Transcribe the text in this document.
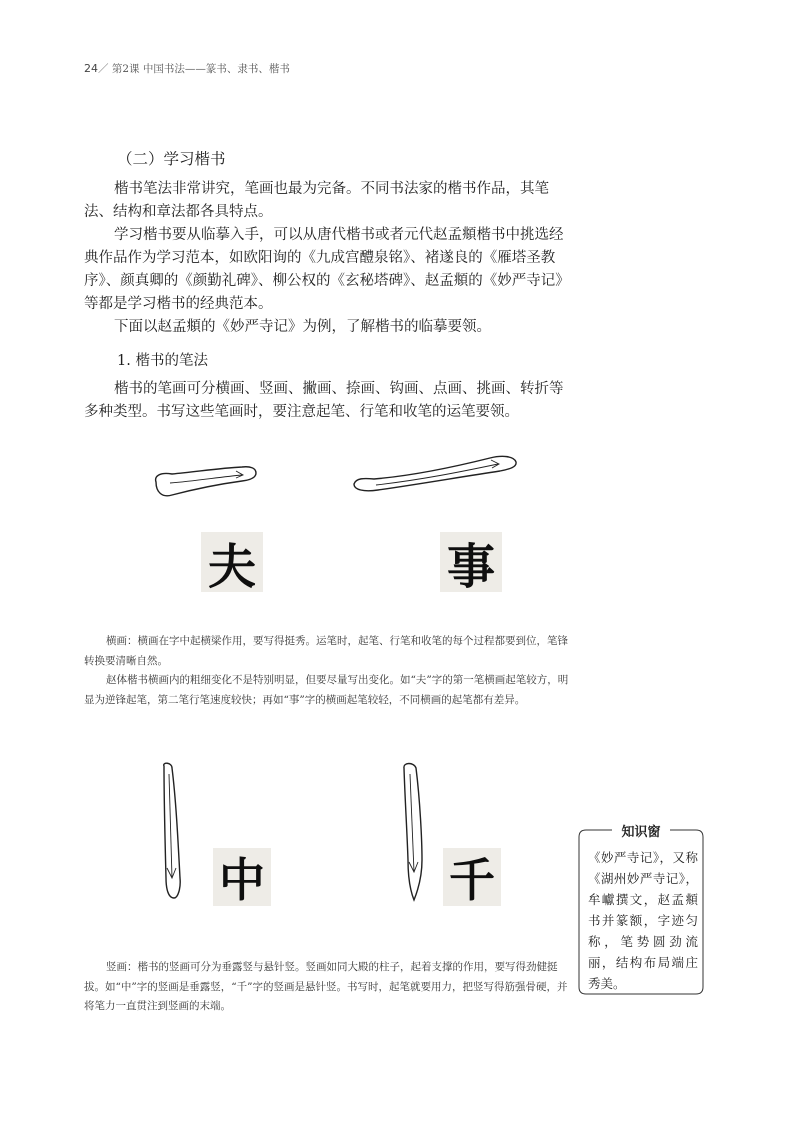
24／ 第2课 中国书法——篆书、隶书、楷书
（二）学习楷书

楷书笔法非常讲究，笔画也最为完备。不同书法家的楷书作品，其笔法、结构和章法都各具特点。

学习楷书要从临摹入手，可以从唐代楷书或者元代赵孟頫楷书中挑选经典作品作为学习范本，如欧阳询的《九成宫醴泉铭》、褚遂良的《雁塔圣教序》、颜真卿的《颜勤礼碑》、柳公权的《玄秘塔碑》、赵孟頫的《妙严寺记》等都是学习楷书的经典范本。

下面以赵孟頫的《妙严寺记》为例，了解楷书的临摹要领。

1. 楷书的笔法

楷书的笔画可分横画、竖画、撇画、捺画、钩画、点画、挑画、转折等多种类型。书写这些笔画时，要注意起笔、行笔和收笔的运笔要领。

夫	事

横画：横画在字中起横梁作用，要写得挺秀。运笔时，起笔、行笔和收笔的每个过程都要到位，笔锋转换要清晰自然。

赵体楷书横画内的粗细变化不是特别明显，但要尽量写出变化。如“夫”字的第一笔横画起笔较方，明显为逆锋起笔，第二笔行笔速度较快；再如“事”字的横画起笔较轻，不同横画的起笔都有差异。

中	千

竖画：楷书的竖画可分为垂露竖与悬针竖。竖画如同大殿的柱子，起着支撑的作用，要写得劲健挺拔。如“中”字的竖画是垂露竖，“千”字的竖画是悬针竖。书写时，起笔就要用力，把竖写得筋强骨硬，并将笔力一直贯注到竖画的末端。

知识窗
《妙严寺记》，又称《湖州妙严寺记》，牟巘撰文，赵孟頫书并篆额，字迹匀称，笔势圆劲流丽，结构布局端庄秀美。
